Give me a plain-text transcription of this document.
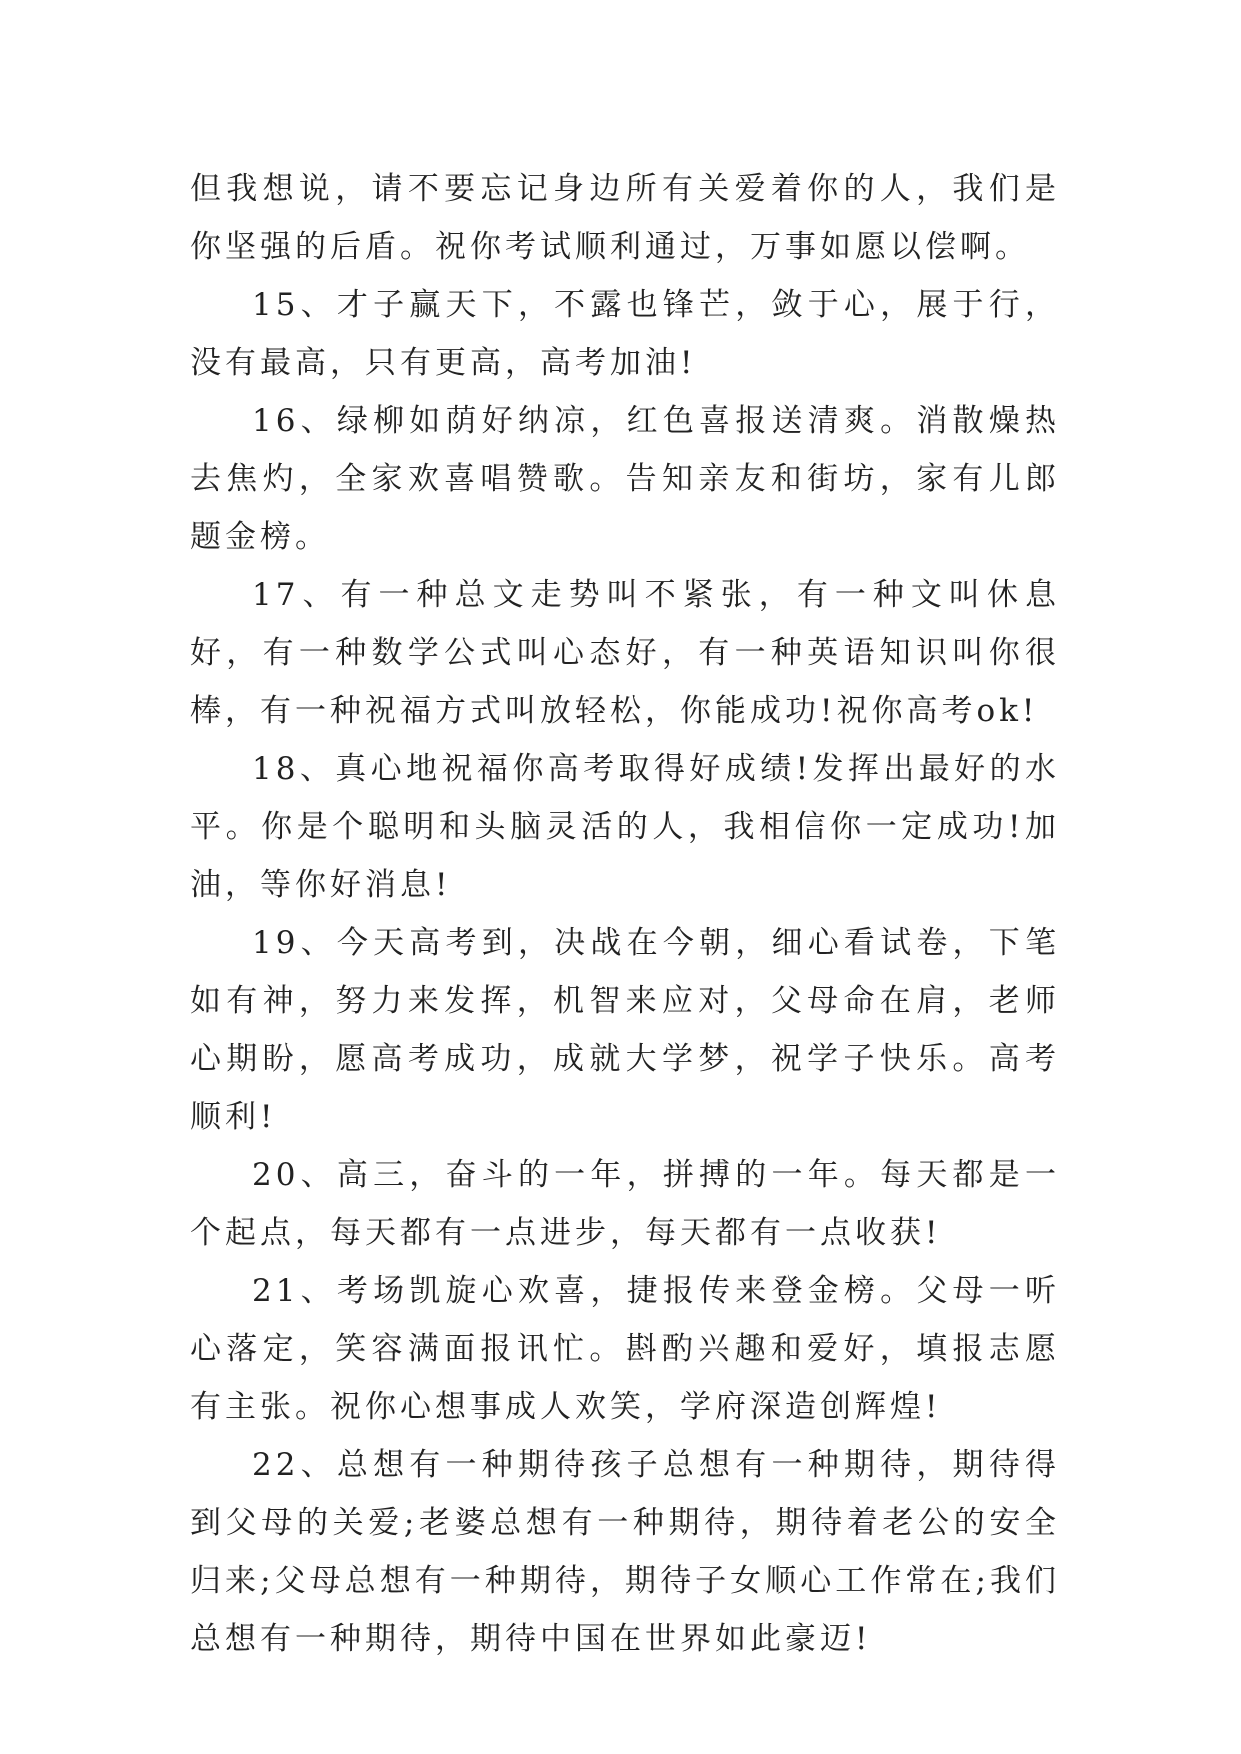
但我想说，请不要忘记身边所有关爱着你的人，我们是你坚强的后盾。祝你考试顺利通过，万事如愿以偿啊。

15、才子赢天下，不露也锋芒，敛于心，展于行，没有最高，只有更高，高考加油!

16、绿柳如荫好纳凉，红色喜报送清爽。消散燥热去焦灼，全家欢喜唱赞歌。告知亲友和街坊，家有儿郎题金榜。

17、有一种总文走势叫不紧张，有一种文叫休息好，有一种数学公式叫心态好，有一种英语知识叫你很棒，有一种祝福方式叫放轻松，你能成功!祝你高考ok!

18、真心地祝福你高考取得好成绩!发挥出最好的水平。你是个聪明和头脑灵活的人，我相信你一定成功!加油，等你好消息!

19、今天高考到，决战在今朝，细心看试卷，下笔如有神，努力来发挥，机智来应对，父母命在肩，老师心期盼，愿高考成功，成就大学梦，祝学子快乐。高考顺利!

20、高三，奋斗的一年，拼搏的一年。每天都是一个起点，每天都有一点进步，每天都有一点收获!

21、考场凯旋心欢喜，捷报传来登金榜。父母一听心落定，笑容满面报讯忙。斟酌兴趣和爱好，填报志愿有主张。祝你心想事成人欢笑，学府深造创辉煌!

22、总想有一种期待孩子总想有一种期待，期待得到父母的关爱;老婆总想有一种期待，期待着老公的安全归来;父母总想有一种期待，期待子女顺心工作常在;我们总想有一种期待，期待中国在世界如此豪迈!
